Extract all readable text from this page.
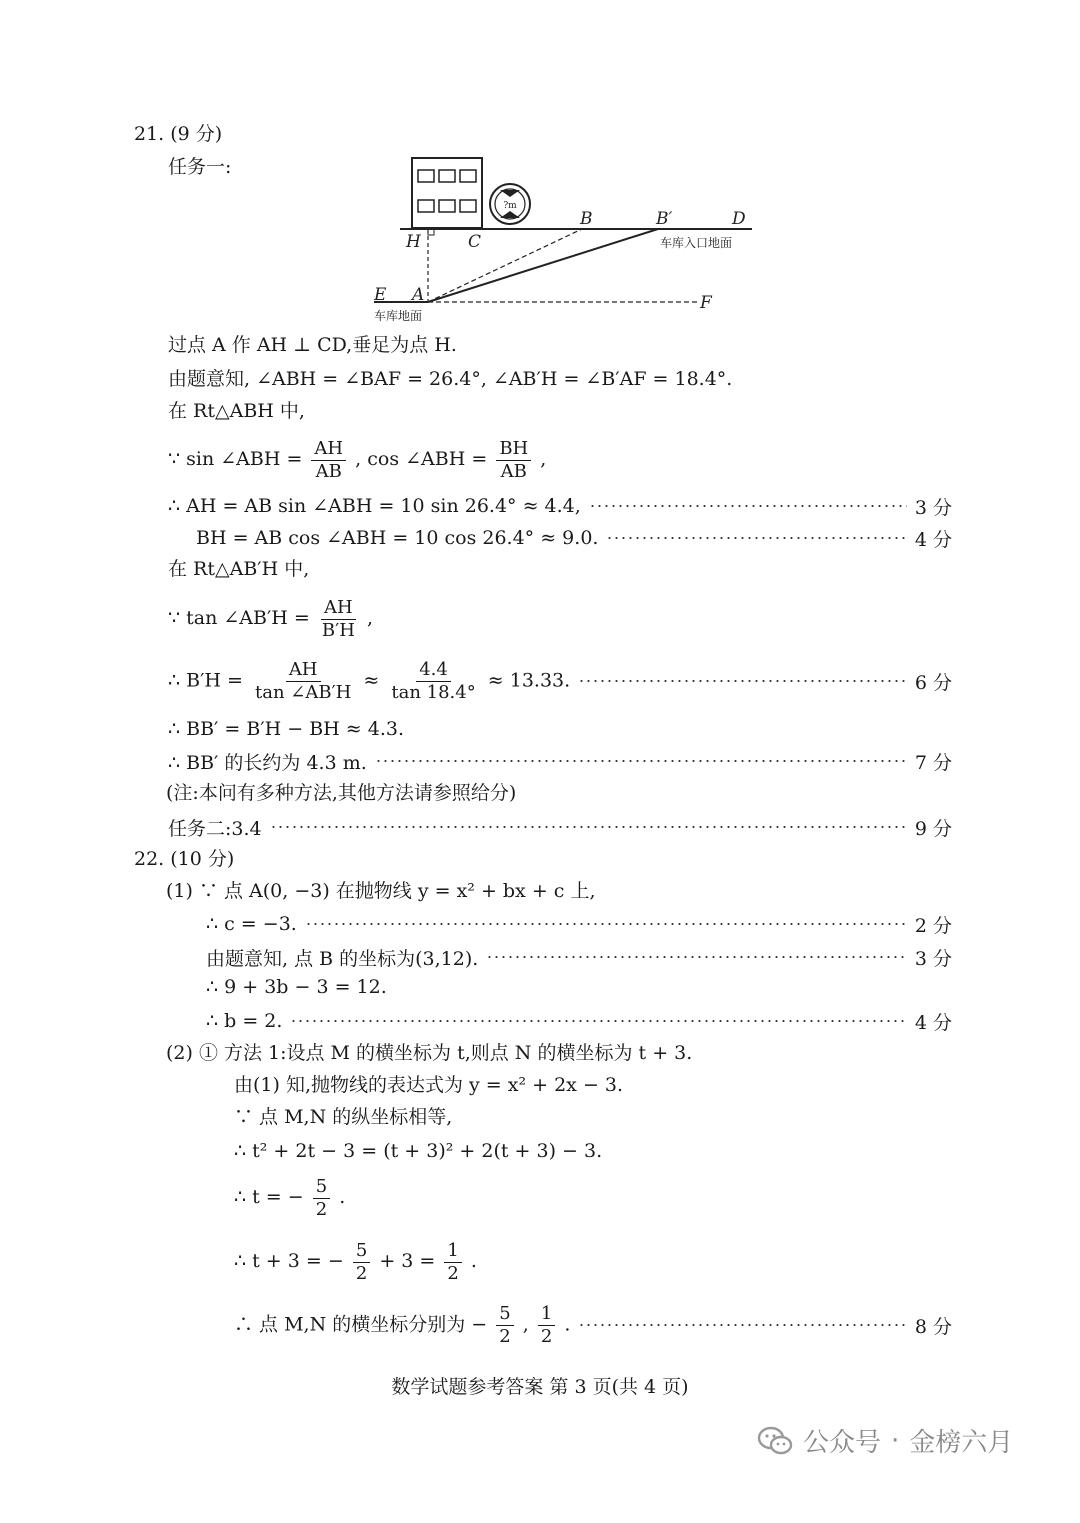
21. (9 分)
任务一:
?m
B	B′	D
H	C	车库入口地面
E A	F
车库地面
过点 A 作 AH ⊥ CD,垂足为点 H.
由题意知, ∠ABH = ∠BAF = 26.4°, ∠AB′H = ∠B′AF = 18.4°.
在 Rt△ABH 中,
∵ sin ∠ABH = $\frac{AH}{AB}$ , cos ∠ABH = $\frac{BH}{AB}$ ,
∴ AH = AB sin ∠ABH = 10 sin 26.4° ≈ 4.4,	3 分
BH = AB cos ∠ABH = 10 cos 26.4° ≈ 9.0.	4 分
在 Rt△AB′H 中,
∵ tan ∠AB′H = $\frac{AH}{B'H}$ ,
∴ $B'H = \frac{AH}{\tan \angle AB'H} \approx \frac{4.4}{\tan 18.4^\circ} \approx 13.33$.	6 分
∴ BB′ = B′H − BH ≈ 4.3.
∴ BB′ 的长约为 4.3 m.	7 分
(注:本问有多种方法,其他方法请参照给分)
任务二:3.4	9 分
22. (10 分)
(1) ∵ 点 A(0, −3) 在抛物线 y = x² + bx + c 上,
∴ c = −3.	2 分
由题意知, 点 B 的坐标为(3,12).	3 分
∴ 9 + 3b − 3 = 12.
∴ b = 2.	4 分
(2) ① 方法 1:设点 M 的横坐标为 t,则点 N 的横坐标为 t + 3.
由(1) 知,抛物线的表达式为 y = x² + 2x − 3.
∵ 点 M,N 的纵坐标相等,
∴ t² + 2t − 3 = (t + 3)² + 2(t + 3) − 3.
∴ t = − $\frac{5}{2}$ .
∴ t + 3 = − $\frac{5}{2} + 3 = \frac{1}{2}$ .
∴ 点 M,N 的横坐标分别为 − $\frac{5}{2}$ , $\frac{1}{2}$ .	8 分
数学试题参考答案 第 3 页(共 4 页)
公众号 · 金榜六月
